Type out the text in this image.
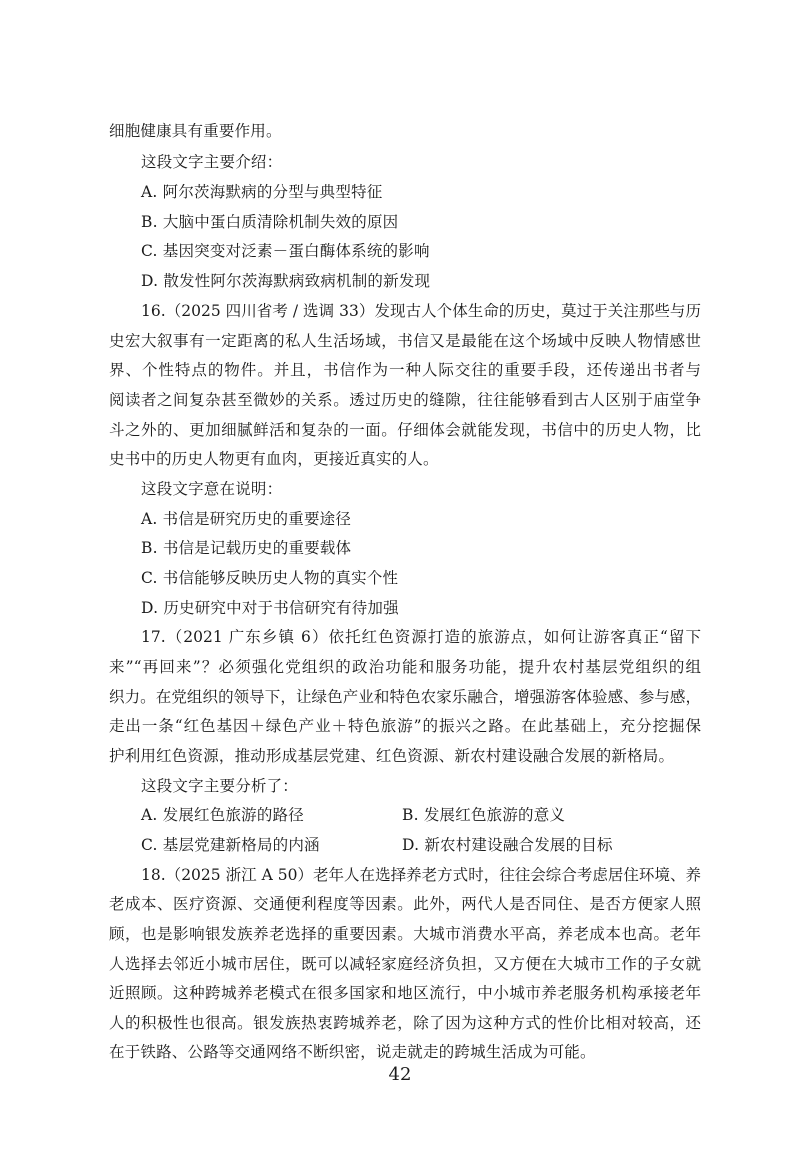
细胞健康具有重要作用。
这段文字主要介绍：
A. 阿尔茨海默病的分型与典型特征
B. 大脑中蛋白质清除机制失效的原因
C. 基因突变对泛素－蛋白酶体系统的影响
D. 散发性阿尔茨海默病致病机制的新发现
16.（2025 四川省考 / 选调 33）发现古人个体生命的历史，莫过于关注那些与历
史宏大叙事有一定距离的私人生活场域，书信又是最能在这个场域中反映人物情感世
界、个性特点的物件。并且，书信作为一种人际交往的重要手段，还传递出书者与
阅读者之间复杂甚至微妙的关系。透过历史的缝隙，往往能够看到古人区别于庙堂争
斗之外的、更加细腻鲜活和复杂的一面。仔细体会就能发现，书信中的历史人物，比
史书中的历史人物更有血肉，更接近真实的人。
这段文字意在说明：
A. 书信是研究历史的重要途径
B. 书信是记载历史的重要载体
C. 书信能够反映历史人物的真实个性
D. 历史研究中对于书信研究有待加强
17.（2021 广东乡镇 6）依托红色资源打造的旅游点，如何让游客真正“留下
来”“再回来”？必须强化党组织的政治功能和服务功能，提升农村基层党组织的组
织力。在党组织的领导下，让绿色产业和特色农家乐融合，增强游客体验感、参与感，
走出一条“红色基因＋绿色产业＋特色旅游”的振兴之路。在此基础上，充分挖掘保
护利用红色资源，推动形成基层党建、红色资源、新农村建设融合发展的新格局。
这段文字主要分析了：
A. 发展红色旅游的路径	B. 发展红色旅游的意义
C. 基层党建新格局的内涵	D. 新农村建设融合发展的目标
18.（2025 浙江 A 50）老年人在选择养老方式时，往往会综合考虑居住环境、养
老成本、医疗资源、交通便利程度等因素。此外，两代人是否同住、是否方便家人照
顾，也是影响银发族养老选择的重要因素。大城市消费水平高，养老成本也高。老年
人选择去邻近小城市居住，既可以减轻家庭经济负担，又方便在大城市工作的子女就
近照顾。这种跨城养老模式在很多国家和地区流行，中小城市养老服务机构承接老年
人的积极性也很高。银发族热衷跨城养老，除了因为这种方式的性价比相对较高，还
在于铁路、公路等交通网络不断织密，说走就走的跨城生活成为可能。
42
